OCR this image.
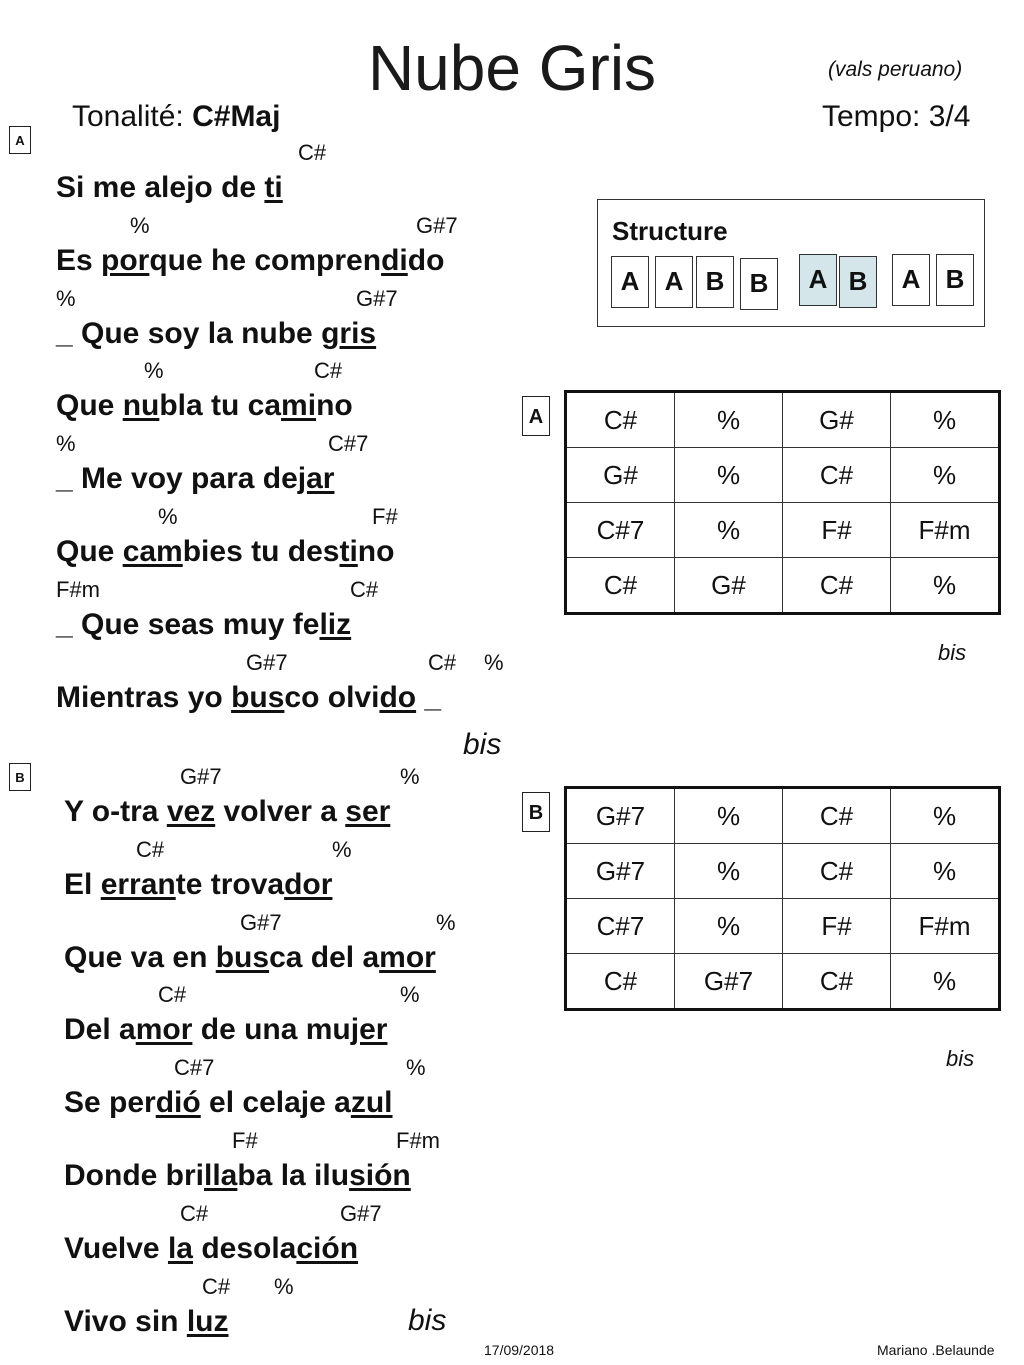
Nube Gris	(vals peruano)
Tonalité: C#Maj	Tempo: 3/4
A
B
C#
Si me alejo de ti
%	G#7
Es porque he comprendido
%	G#7
_ Que soy la nube gris
%	C#
Que nubla tu camino
%	C#7
_ Me voy para dejar
%	F#
Que cambies tu destino
F#m	C#
_ Que seas muy feliz
G#7	C# %
Mientras yo busco olvido _
bis
G#7	%
Y o-tra vez volver a ser
C#	%
El errante trovador
G#7	%
Que va en busca del amor
C#	%
Del amor de una mujer
C#7	%
Se perdió el celaje azul
F#	F#m
Donde brillaba la ilusión
C#	G#7
Vuelve la desolación
C# %
Vivo sin luz	bis
Structure
A A B B	A B	A B
A C#	%	G#	%
G#	%	C#	%
C#7	%	F#	F#m
C#	G#	C#	%
bis
B G#7	%	C#	%
G#7	%	C#	%
C#7	%	F#	F#m
C#	G#7	C#	%
bis
17/09/2018	Mariano .Belaunde
